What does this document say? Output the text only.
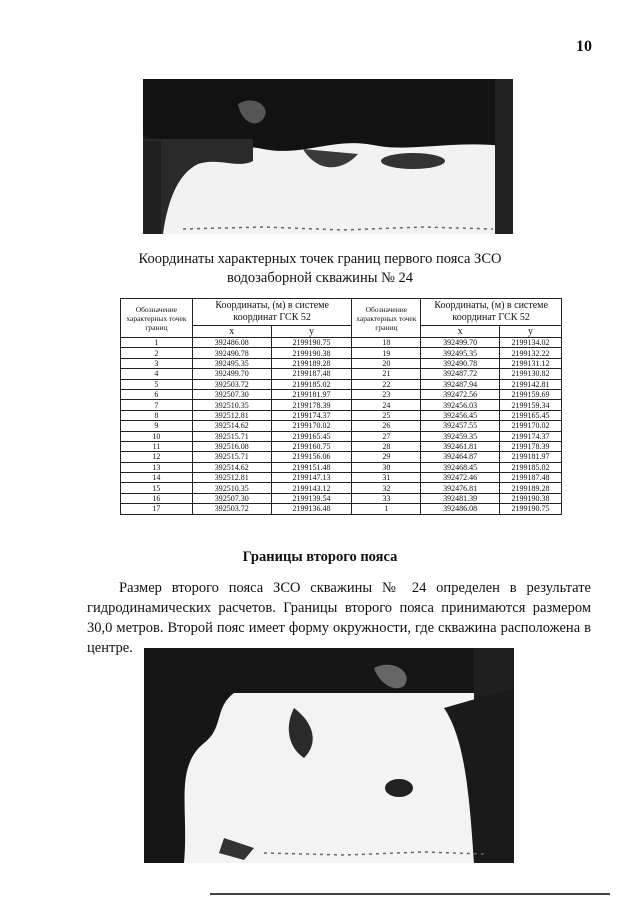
10
Координаты характерных точек границ первого пояса ЗСО
водозаборной скважины № 24
Обозначение характерных точек границ	Координаты, (м) в системе координат ГСК 52		Обозначение характерных точек границ	Координаты, (м) в системе координат ГСК 52	
	x	y		x	y
1	392486.08	2199190.75	18	392499.70	2199134.02
2	392490.78	2199190.38	19	392495.35	2199132.22
3	392495.35	2199189.28	20	392490.78	2199131.12
4	392499.70	2199187.48	21	392487.72	2199130.82
5	392503.72	2199185.02	22	392487.94	2199142.81
6	392507.30	2199181.97	23	392472.56	2199159.69
7	392510.35	2199178.39	24	392456.03	2199159.34
8	392512.81	2199174.37	25	392456.45	2199165.45
9	392514.62	2199170.02	26	392457.55	2199170.02
10	392515.71	2199165.45	27	392459.35	2199174.37
11	392516.08	2199160.75	28	392461.81	2199178.39
12	392515.71	2199156.06	29	392464.87	2199181.97
13	392514.62	2199151.48	30	392468.45	2199185.02
14	392512.81	2199147.13	31	392472.46	2199187.48
15	392510.35	2199143.12	32	392476.81	2199189.28
16	392507.30	2199139.54	33	392481.39	2199190.38
17	392503.72	2199136.48	1	392486.08	2199190.75
Границы второго пояса

Размер второго пояса ЗСО скважины № 24 определен в результате гидродинамических расчетов. Границы второго пояса принимаются размером 30,0 метров. Второй пояс имеет форму окружности, где скважина расположена в центре.
